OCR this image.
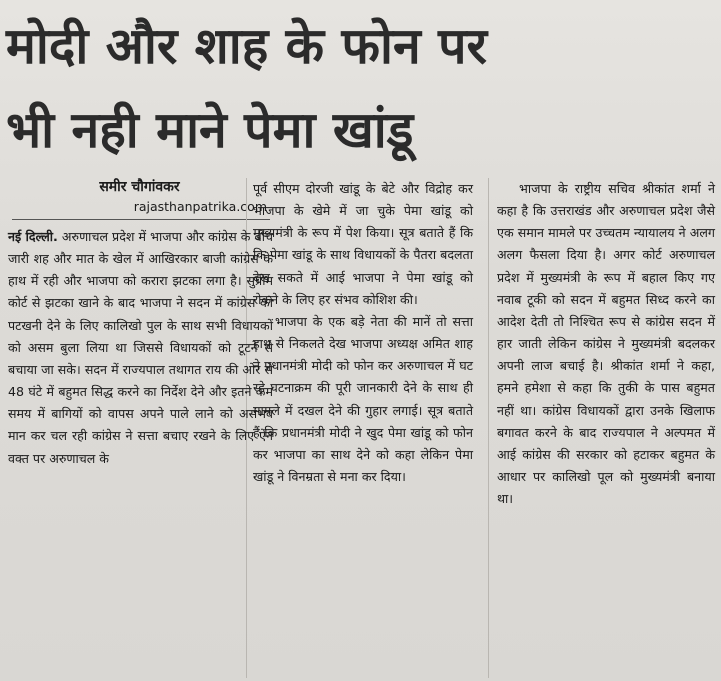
मोदी और शाह के फोन पर
भी नही माने पेमा खांडू
समीर चौगांवकर
rajasthanpatrika.com

नई दिल्ली. अरुणाचल प्रदेश में भाजपा और कांग्रेस के बीच जारी शह और मात के खेल में आखिरकार बाजी कांग्रेस के हाथ में रही और भाजपा को करारा झटका लगा है। सुप्रीम कोर्ट से झटका खाने के बाद भाजपा ने सदन में कांग्रेस को पटखनी देने के लिए कालिखो पुल के साथ सभी विधायकों को असम बुला लिया था जिससे विधायकों को टूटने से बचाया जा सके। सदन में राज्यपाल तथागत राय की ओर से 48 घंटे में बहुमत सिद्ध करने का निर्देश देने और इतने कम समय में बागियों को वापस अपने पाले लाने को असंभव मान कर चल रही कांग्रेस ने सत्ता बचाए रखने के लिए ऐन वक्त पर अरुणाचल के

पूर्व सीएम दोरजी खांडू के बेटे और विद्रोह कर भाजपा के खेमे में जा चुके पेमा खांडू को मुख्यमंत्री के रूप में पेश किया। सूत्र बताते हैं कि कि पेमा खांडू के साथ विधायकों के पैतरा बदलता देख सकते में आई भाजपा ने पेमा खांडू को रोकने के लिए हर संभव कोशिश की।

भाजपा के एक बड़े नेता की मानें तो सत्ता हाथ से निकलते देख भाजपा अध्यक्ष अमित शाह ने प्रधानमंत्री मोदी को फोन कर अरुणाचल में घट रहे घटनाक्रम की पूरी जानकारी देने के साथ ही मामले में दखल देने की गुहार लगाई। सूत्र बताते हैं कि प्रधानमंत्री मोदी ने खुद पेमा खांडू को फोन कर भाजपा का साथ देने को कहा लेकिन पेमा खांडू ने विनम्रता से मना कर दिया।

भाजपा के राष्ट्रीय सचिव श्रीकांत शर्मा ने कहा है कि उत्तराखंड और अरुणाचल प्रदेश जैसे एक समान मामले पर उच्चतम न्यायालय ने अलग अलग फैसला दिया है। अगर कोर्ट अरुणाचल प्रदेश में मुख्यमंत्री के रूप में बहाल किए गए नवाब टूकी को सदन में बहुमत सिध्द करने का आदेश देती तो निश्चित रूप से कांग्रेस सदन में हार जाती लेकिन कांग्रेस ने मुख्यमंत्री बदलकर अपनी लाज बचाई है। श्रीकांत शर्मा ने कहा, हमने हमेशा से कहा कि तुकी के पास बहुमत नहीं था। कांग्रेस विधायकों द्वारा उनके खिलाफ बगावत करने के बाद राज्यपाल ने अल्पमत में आई कांग्रेस की सरकार को हटाकर बहुमत के आधार पर कालिखो पूल को मुख्यमंत्री बनाया था।
